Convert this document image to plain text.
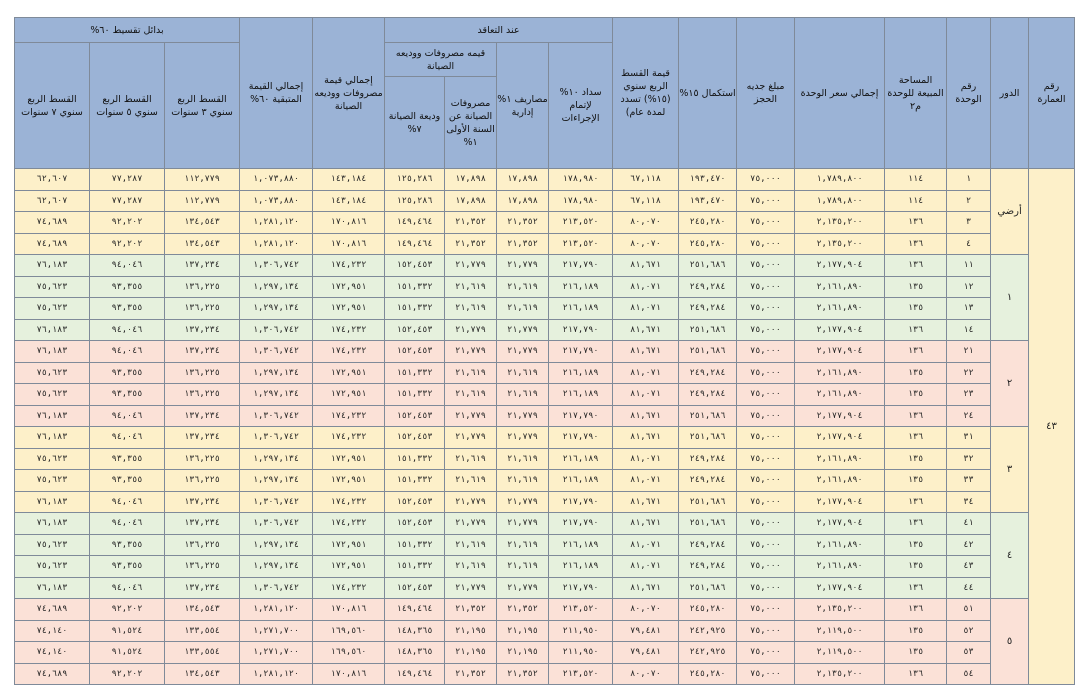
رقم العمارة	الدور	رقم الوحدة	المساحة المبيعة للوحدة م٢	إجمالي سعر الوحدة	مبلغ جديه الحجز	استكمال ١٥%	قيمة القسط الربع سنوي (١٥%) تسدد لمدة عام)	عند التعاقد				إجمالي قيمة مصروفات ووديعه الصيانة	إجمالي القيمة المتبقية ٦٠%	بدائل تقسيط ٦٠%		
								سداد ١٠% لإتمام الإجراءات	مصاريف ١% إدارية	قيمه مصروفات ووديعه الصيانة				القسط الربع سنوي ٣ سنوات	القسط الربع سنوي ٥ سنوات	القسط الربع سنوي ٧ سنوات
										مصروفات الصيانة عن السنة الأولى ١%	وديعة الصيانة ٧%					
٤٣	أرضي	١	١١٤	١,٧٨٩,٨٠٠	٧٥,٠٠٠	١٩٣,٤٧٠	٦٧,١١٨	١٧٨,٩٨٠	١٧,٨٩٨	١٧,٨٩٨	١٢٥,٢٨٦	١٤٣,١٨٤	١,٠٧٣,٨٨٠	١١٢,٧٧٩	٧٧,٢٨٧	٦٢,٦٠٧
		٢	١١٤	١,٧٨٩,٨٠٠	٧٥,٠٠٠	١٩٣,٤٧٠	٦٧,١١٨	١٧٨,٩٨٠	١٧,٨٩٨	١٧,٨٩٨	١٢٥,٢٨٦	١٤٣,١٨٤	١,٠٧٣,٨٨٠	١١٢,٧٧٩	٧٧,٢٨٧	٦٢,٦٠٧
		٣	١٣٦	٢,١٣٥,٢٠٠	٧٥,٠٠٠	٢٤٥,٢٨٠	٨٠,٠٧٠	٢١٣,٥٢٠	٢١,٣٥٢	٢١,٣٥٢	١٤٩,٤٦٤	١٧٠,٨١٦	١,٢٨١,١٢٠	١٣٤,٥٤٣	٩٢,٢٠٢	٧٤,٦٨٩
		٤	١٣٦	٢,١٣٥,٢٠٠	٧٥,٠٠٠	٢٤٥,٢٨٠	٨٠,٠٧٠	٢١٣,٥٢٠	٢١,٣٥٢	٢١,٣٥٢	١٤٩,٤٦٤	١٧٠,٨١٦	١,٢٨١,١٢٠	١٣٤,٥٤٣	٩٢,٢٠٢	٧٤,٦٨٩
	١	١١	١٣٦	٢,١٧٧,٩٠٤	٧٥,٠٠٠	٢٥١,٦٨٦	٨١,٦٧١	٢١٧,٧٩٠	٢١,٧٧٩	٢١,٧٧٩	١٥٢,٤٥٣	١٧٤,٢٣٢	١,٣٠٦,٧٤٢	١٣٧,٢٣٤	٩٤,٠٤٦	٧٦,١٨٣
		١٢	١٣٥	٢,١٦١,٨٩٠	٧٥,٠٠٠	٢٤٩,٢٨٤	٨١,٠٧١	٢١٦,١٨٩	٢١,٦١٩	٢١,٦١٩	١٥١,٣٣٢	١٧٢,٩٥١	١,٢٩٧,١٣٤	١٣٦,٢٢٥	٩٣,٣٥٥	٧٥,٦٢٣
		١٣	١٣٥	٢,١٦١,٨٩٠	٧٥,٠٠٠	٢٤٩,٢٨٤	٨١,٠٧١	٢١٦,١٨٩	٢١,٦١٩	٢١,٦١٩	١٥١,٣٣٢	١٧٢,٩٥١	١,٢٩٧,١٣٤	١٣٦,٢٢٥	٩٣,٣٥٥	٧٥,٦٢٣
		١٤	١٣٦	٢,١٧٧,٩٠٤	٧٥,٠٠٠	٢٥١,٦٨٦	٨١,٦٧١	٢١٧,٧٩٠	٢١,٧٧٩	٢١,٧٧٩	١٥٢,٤٥٣	١٧٤,٢٣٢	١,٣٠٦,٧٤٢	١٣٧,٢٣٤	٩٤,٠٤٦	٧٦,١٨٣
	٢	٢١	١٣٦	٢,١٧٧,٩٠٤	٧٥,٠٠٠	٢٥١,٦٨٦	٨١,٦٧١	٢١٧,٧٩٠	٢١,٧٧٩	٢١,٧٧٩	١٥٢,٤٥٣	١٧٤,٢٣٢	١,٣٠٦,٧٤٢	١٣٧,٢٣٤	٩٤,٠٤٦	٧٦,١٨٣
		٢٢	١٣٥	٢,١٦١,٨٩٠	٧٥,٠٠٠	٢٤٩,٢٨٤	٨١,٠٧١	٢١٦,١٨٩	٢١,٦١٩	٢١,٦١٩	١٥١,٣٣٢	١٧٢,٩٥١	١,٢٩٧,١٣٤	١٣٦,٢٢٥	٩٣,٣٥٥	٧٥,٦٢٣
		٢٣	١٣٥	٢,١٦١,٨٩٠	٧٥,٠٠٠	٢٤٩,٢٨٤	٨١,٠٧١	٢١٦,١٨٩	٢١,٦١٩	٢١,٦١٩	١٥١,٣٣٢	١٧٢,٩٥١	١,٢٩٧,١٣٤	١٣٦,٢٢٥	٩٣,٣٥٥	٧٥,٦٢٣
		٢٤	١٣٦	٢,١٧٧,٩٠٤	٧٥,٠٠٠	٢٥١,٦٨٦	٨١,٦٧١	٢١٧,٧٩٠	٢١,٧٧٩	٢١,٧٧٩	١٥٢,٤٥٣	١٧٤,٢٣٢	١,٣٠٦,٧٤٢	١٣٧,٢٣٤	٩٤,٠٤٦	٧٦,١٨٣
	٣	٣١	١٣٦	٢,١٧٧,٩٠٤	٧٥,٠٠٠	٢٥١,٦٨٦	٨١,٦٧١	٢١٧,٧٩٠	٢١,٧٧٩	٢١,٧٧٩	١٥٢,٤٥٣	١٧٤,٢٣٢	١,٣٠٦,٧٤٢	١٣٧,٢٣٤	٩٤,٠٤٦	٧٦,١٨٣
		٣٢	١٣٥	٢,١٦١,٨٩٠	٧٥,٠٠٠	٢٤٩,٢٨٤	٨١,٠٧١	٢١٦,١٨٩	٢١,٦١٩	٢١,٦١٩	١٥١,٣٣٢	١٧٢,٩٥١	١,٢٩٧,١٣٤	١٣٦,٢٢٥	٩٣,٣٥٥	٧٥,٦٢٣
		٣٣	١٣٥	٢,١٦١,٨٩٠	٧٥,٠٠٠	٢٤٩,٢٨٤	٨١,٠٧١	٢١٦,١٨٩	٢١,٦١٩	٢١,٦١٩	١٥١,٣٣٢	١٧٢,٩٥١	١,٢٩٧,١٣٤	١٣٦,٢٢٥	٩٣,٣٥٥	٧٥,٦٢٣
		٣٤	١٣٦	٢,١٧٧,٩٠٤	٧٥,٠٠٠	٢٥١,٦٨٦	٨١,٦٧١	٢١٧,٧٩٠	٢١,٧٧٩	٢١,٧٧٩	١٥٢,٤٥٣	١٧٤,٢٣٢	١,٣٠٦,٧٤٢	١٣٧,٢٣٤	٩٤,٠٤٦	٧٦,١٨٣
	٤	٤١	١٣٦	٢,١٧٧,٩٠٤	٧٥,٠٠٠	٢٥١,٦٨٦	٨١,٦٧١	٢١٧,٧٩٠	٢١,٧٧٩	٢١,٧٧٩	١٥٢,٤٥٣	١٧٤,٢٣٢	١,٣٠٦,٧٤٢	١٣٧,٢٣٤	٩٤,٠٤٦	٧٦,١٨٣
		٤٢	١٣٥	٢,١٦١,٨٩٠	٧٥,٠٠٠	٢٤٩,٢٨٤	٨١,٠٧١	٢١٦,١٨٩	٢١,٦١٩	٢١,٦١٩	١٥١,٣٣٢	١٧٢,٩٥١	١,٢٩٧,١٣٤	١٣٦,٢٢٥	٩٣,٣٥٥	٧٥,٦٢٣
		٤٣	١٣٥	٢,١٦١,٨٩٠	٧٥,٠٠٠	٢٤٩,٢٨٤	٨١,٠٧١	٢١٦,١٨٩	٢١,٦١٩	٢١,٦١٩	١٥١,٣٣٢	١٧٢,٩٥١	١,٢٩٧,١٣٤	١٣٦,٢٢٥	٩٣,٣٥٥	٧٥,٦٢٣
		٤٤	١٣٦	٢,١٧٧,٩٠٤	٧٥,٠٠٠	٢٥١,٦٨٦	٨١,٦٧١	٢١٧,٧٩٠	٢١,٧٧٩	٢١,٧٧٩	١٥٢,٤٥٣	١٧٤,٢٣٢	١,٣٠٦,٧٤٢	١٣٧,٢٣٤	٩٤,٠٤٦	٧٦,١٨٣
	٥	٥١	١٣٦	٢,١٣٥,٢٠٠	٧٥,٠٠٠	٢٤٥,٢٨٠	٨٠,٠٧٠	٢١٣,٥٢٠	٢١,٣٥٢	٢١,٣٥٢	١٤٩,٤٦٤	١٧٠,٨١٦	١,٢٨١,١٢٠	١٣٤,٥٤٣	٩٢,٢٠٢	٧٤,٦٨٩
		٥٢	١٣٥	٢,١١٩,٥٠٠	٧٥,٠٠٠	٢٤٢,٩٢٥	٧٩,٤٨١	٢١١,٩٥٠	٢١,١٩٥	٢١,١٩٥	١٤٨,٣٦٥	١٦٩,٥٦٠	١,٢٧١,٧٠٠	١٣٣,٥٥٤	٩١,٥٢٤	٧٤,١٤٠
		٥٣	١٣٥	٢,١١٩,٥٠٠	٧٥,٠٠٠	٢٤٢,٩٢٥	٧٩,٤٨١	٢١١,٩٥٠	٢١,١٩٥	٢١,١٩٥	١٤٨,٣٦٥	١٦٩,٥٦٠	١,٢٧١,٧٠٠	١٣٣,٥٥٤	٩١,٥٢٤	٧٤,١٤٠
		٥٤	١٣٦	٢,١٣٥,٢٠٠	٧٥,٠٠٠	٢٤٥,٢٨٠	٨٠,٠٧٠	٢١٣,٥٢٠	٢١,٣٥٢	٢١,٣٥٢	١٤٩,٤٦٤	١٧٠,٨١٦	١,٢٨١,١٢٠	١٣٤,٥٤٣	٩٢,٢٠٢	٧٤,٦٨٩
